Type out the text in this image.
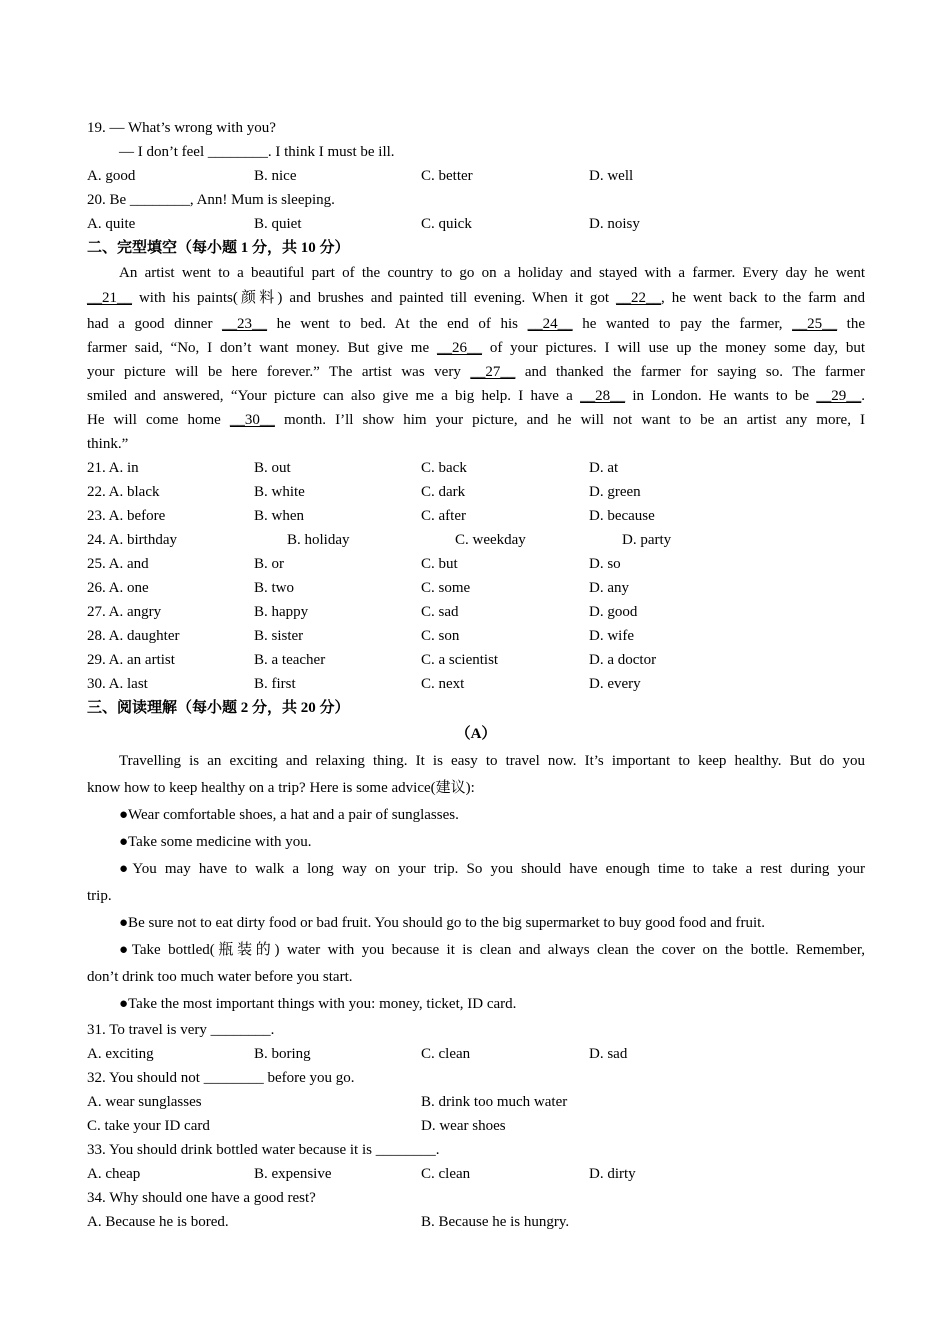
19. — What’s wrong with you?
— I don’t feel ________. I think I must be ill.
A. good	B. nice	C. better	D. well
20. Be ________, Ann! Mum is sleeping.
A. quite	B. quiet	C. quick	D. noisy
二、完型填空（每小题 1 分，共 10 分）
An artist went to a beautiful part of the country to go on a holiday and stayed with a farmer. Every day he went
__21__ with his paints(颜料) and brushes and painted till evening. When it got __22__, he went back to the farm and
had a good dinner __23__ he went to bed. At the end of his __24__ he wanted to pay the farmer, __25__ the
farmer said, “No, I don’t want money. But give me __26__ of your pictures. I will use up the money some day, but
your picture will be here forever.” The artist was very __27__ and thanked the farmer for saying so. The farmer
smiled and answered, “Your picture can also give me a big help. I have a __28__ in London. He wants to be __29__.
He will come home __30__ month. I’ll show him your picture, and he will not want to be an artist any more, I
think.”
21. A. in	B. out	C. back	D. at
22. A. black	B. white	C. dark	D. green
23. A. before	B. when	C. after	D. because
24. A. birthday	B. holiday	C. weekday	D. party
25. A. and	B. or	C. but	D. so
26. A. one	B. two	C. some	D. any
27. A. angry	B. happy	C. sad	D. good
28. A. daughter	B. sister	C. son	D. wife
29. A. an artist	B. a teacher	C. a scientist	D. a doctor
30. A. last	B. first	C. next	D. every
三、阅读理解（每小题 2 分，共 20 分）
（A）
Travelling is an exciting and relaxing thing. It is easy to travel now. It’s important to keep healthy. But do you
know how to keep healthy on a trip? Here is some advice(建议):
●Wear comfortable shoes, a hat and a pair of sunglasses.
●Take some medicine with you.
●You may have to walk a long way on your trip. So you should have enough time to take a rest during your
trip.
●Be sure not to eat dirty food or bad fruit. You should go to the big supermarket to buy good food and fruit.
●Take bottled(瓶装的) water with you because it is clean and always clean the cover on the bottle. Remember,
don’t drink too much water before you start.
●Take the most important things with you: money, ticket, ID card.
31. To travel is very ________.
A. exciting	B. boring	C. clean	D. sad
32. You should not ________ before you go.
A. wear sunglasses	B. drink too much water
C. take your ID card	D. wear shoes
33. You should drink bottled water because it is ________.
A. cheap	B. expensive	C. clean	D. dirty
34. Why should one have a good rest?
A. Because he is bored.	B. Because he is hungry.
